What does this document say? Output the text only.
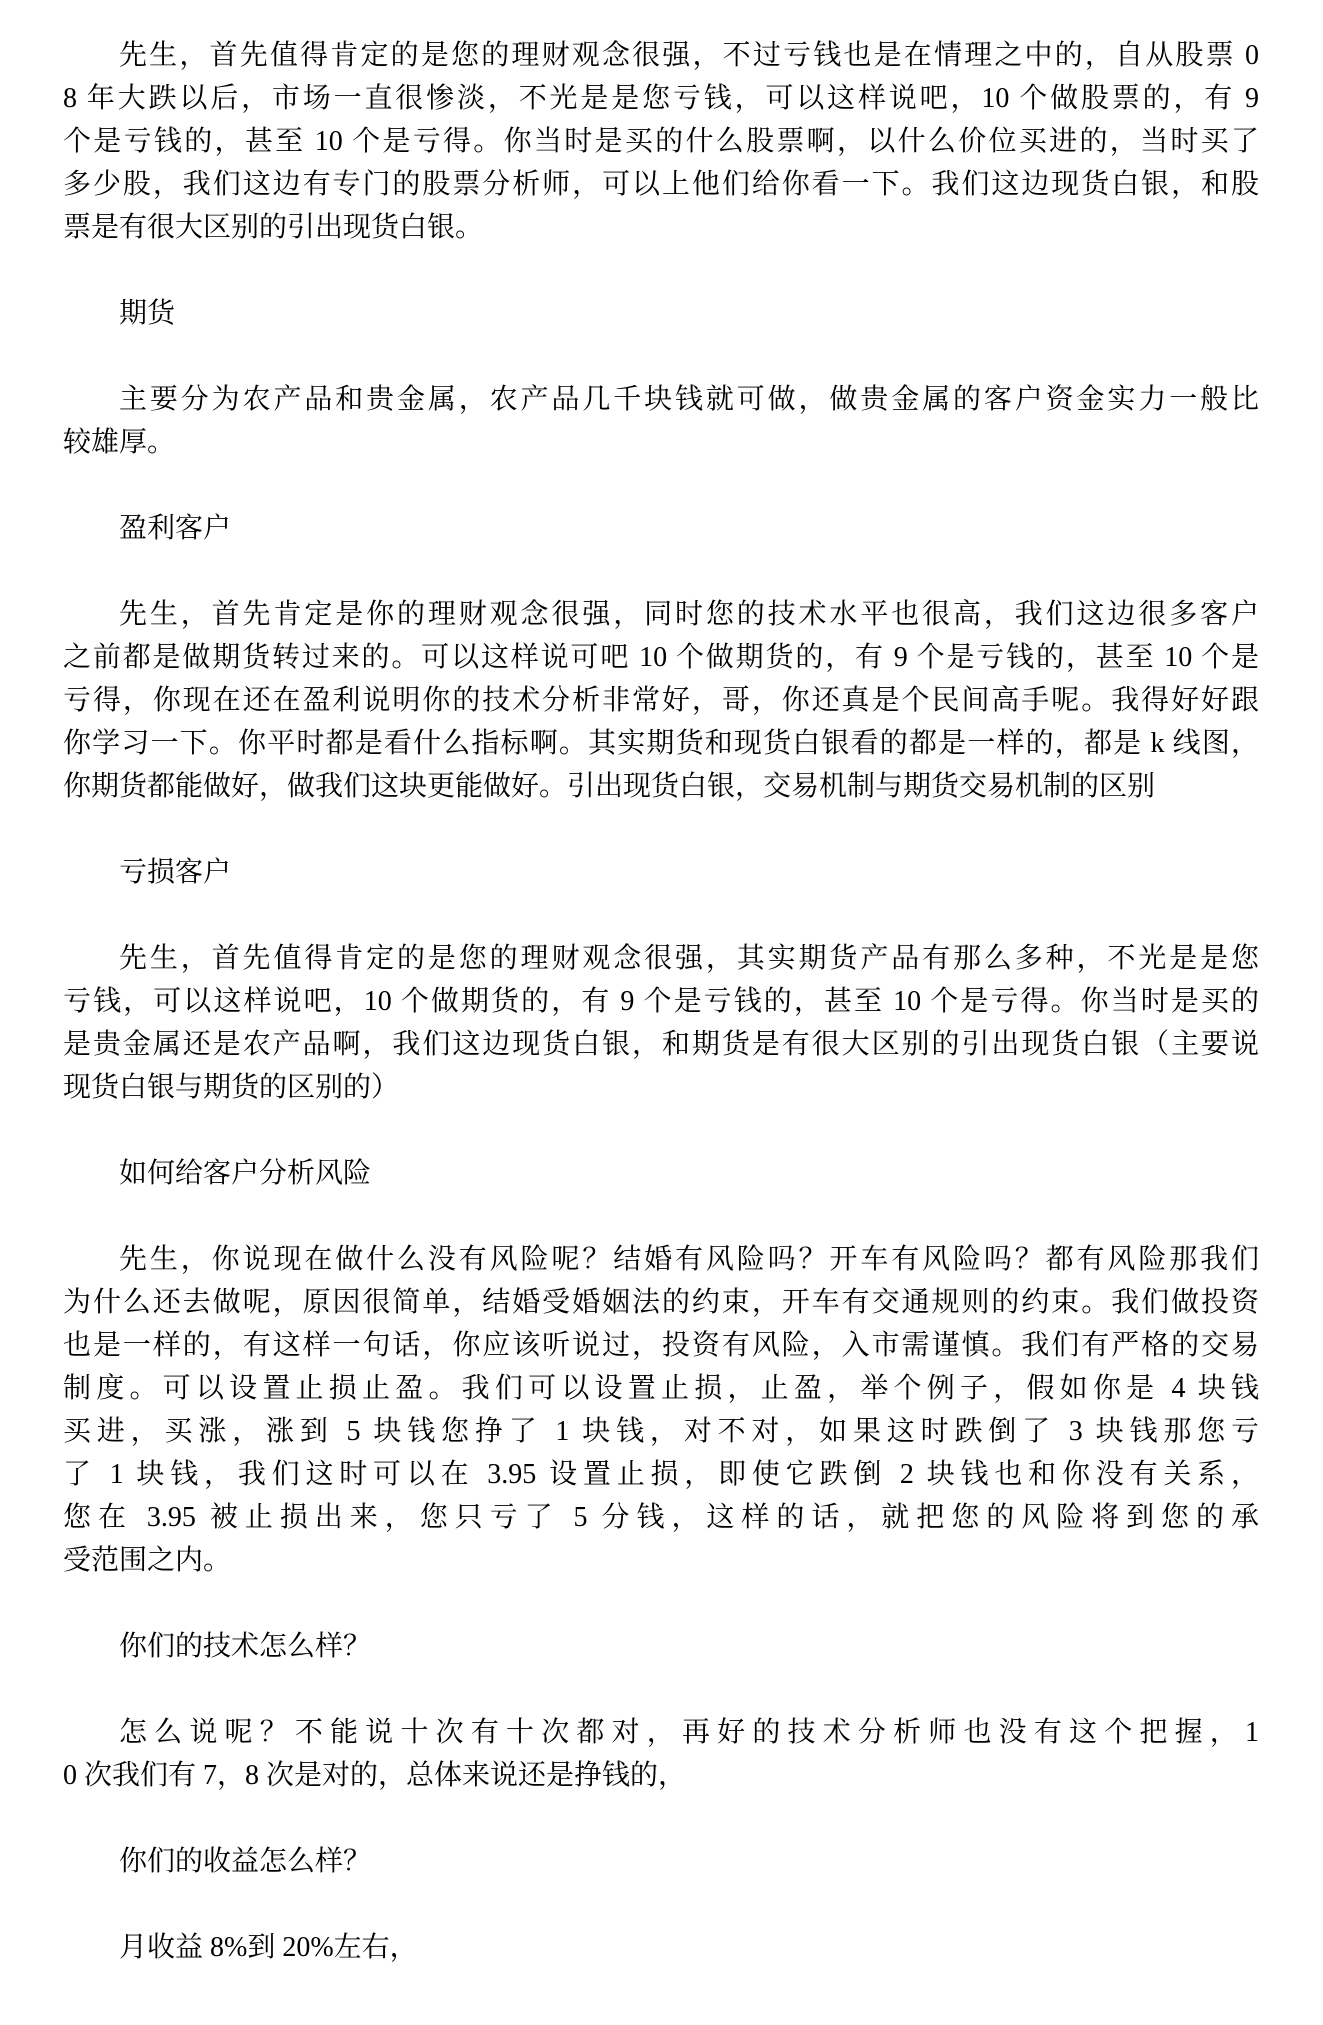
先生，首先值得肯定的是您的理财观念很强，不过亏钱也是在情理之中的，自从股票 0
8 年大跌以后，市场一直很惨淡，不光是是您亏钱，可以这样说吧，10 个做股票的，有 9
个是亏钱的，甚至 10 个是亏得。你当时是买的什么股票啊，以什么价位买进的，当时买了
多少股，我们这边有专门的股票分析师，可以上他们给你看一下。我们这边现货白银，和股
票是有很大区别的引出现货白银。
期货
主要分为农产品和贵金属，农产品几千块钱就可做，做贵金属的客户资金实力一般比
较雄厚。
盈利客户
先生，首先肯定是你的理财观念很强，同时您的技术水平也很高，我们这边很多客户
之前都是做期货转过来的。可以这样说可吧 10 个做期货的，有 9 个是亏钱的，甚至 10 个是
亏得，你现在还在盈利说明你的技术分析非常好，哥，你还真是个民间高手呢。我得好好跟
你学习一下。你平时都是看什么指标啊。其实期货和现货白银看的都是一样的，都是 k 线图，
你期货都能做好，做我们这块更能做好。引出现货白银，交易机制与期货交易机制的区别
亏损客户
先生，首先值得肯定的是您的理财观念很强，其实期货产品有那么多种，不光是是您
亏钱，可以这样说吧，10 个做期货的，有 9 个是亏钱的，甚至 10 个是亏得。你当时是买的
是贵金属还是农产品啊，我们这边现货白银，和期货是有很大区别的引出现货白银（主要说
现货白银与期货的区别的）
如何给客户分析风险
先生，你说现在做什么没有风险呢？结婚有风险吗？开车有风险吗？都有风险那我们
为什么还去做呢，原因很简单，结婚受婚姻法的约束，开车有交通规则的约束。我们做投资
也是一样的，有这样一句话，你应该听说过，投资有风险，入市需谨慎。我们有严格的交易
制度。可以设置止损止盈。我们可以设置止损，止盈，举个例子，假如你是 4 块钱
买进，买涨，涨到 5 块钱您挣了 1 块钱，对不对，如果这时跌倒了 3 块钱那您亏
了 1 块钱，我们这时可以在 3.95 设置止损，即使它跌倒 2 块钱也和你没有关系，
您在 3.95 被止损出来，您只亏了 5 分钱，这样的话，就把您的风险将到您的承
受范围之内。
你们的技术怎么样？
怎么说呢？不能说十次有十次都对，再好的技术分析师也没有这个把握，1
0 次我们有 7，8 次是对的，总体来说还是挣钱的，
你们的收益怎么样？
月收益 8%到 20%左右，
